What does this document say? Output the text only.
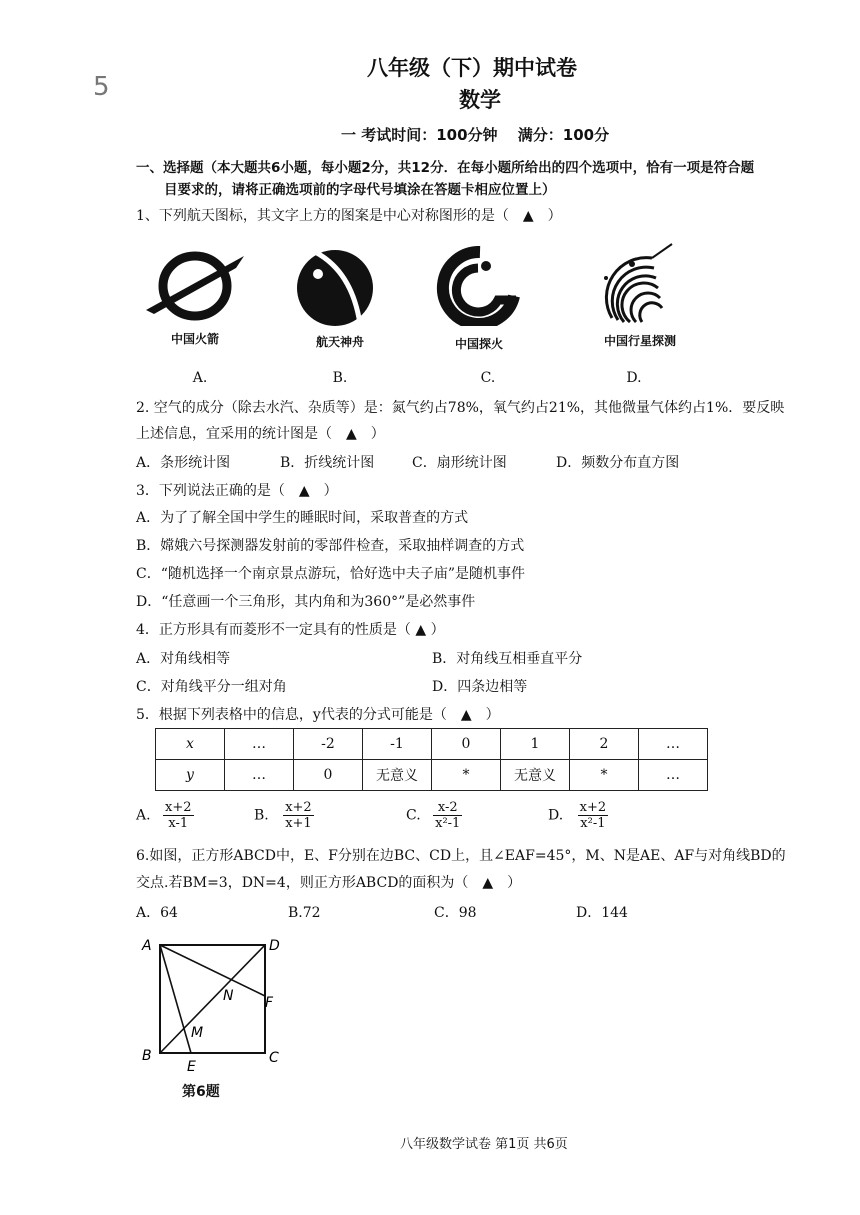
5
八年级（下）期中试卷
数学
一 考试时间：100分钟　 满分：100分
一、选择题（本大题共6小题，每小题2分，共12分．在每小题所给出的四个选项中，恰有一项是符合题
目要求的，请将正确选项前的字母代号填涂在答题卡相应位置上）
1、下列航天图标，其文字上方的图案是中心对称图形的是（　▲　）
中国火箭	航天神舟	中国探火	中国行星探测
A.	B.	C.	D.
2. 空气的成分（除去水汽、杂质等）是：氮气约占78%，氧气约占21%，其他微量气体约占1%．要反映
上述信息，宜采用的统计图是（　▲　）
A．条形统计图	B．折线统计图	C．扇形统计图	D．频数分布直方图
3．下列说法正确的是（　▲　）
A．为了了解全国中学生的睡眠时间，采取普查的方式
B．嫦娥六号探测器发射前的零部件检查，采取抽样调查的方式
C．“随机选择一个南京景点游玩，恰好选中夫子庙”是随机事件
D．“任意画一个三角形，其内角和为360°”是必然事件
4．正方形具有而菱形不一定具有的性质是（ ▲ ）
A．对角线相等	B．对角线互相垂直平分
C．对角线平分一组对角	D．四条边相等
5．根据下列表格中的信息，y代表的分式可能是（　▲　）
x	…	-2	-1	0	1	2	…
y	…	0	无意义	*	无意义	*	…
A. $\frac{x+2}{x-1}$	B. $\frac{x+2}{x+1}$	C. $\frac{x-2}{\text{x²-1}}$	D. $\frac{x+2}{\text{x²-1}}$
6.如图，正方形ABCD中，E、F分别在边BC、CD上，且∠EAF=45°，M、N是AE、AF与对角线BD的
交点.若BM=3，DN=4，则正方形ABCD的面积为（　▲　）
A．64	B.72	C．98	D．144
A	D
B	C
E
F
M
N
第6题
八年级数学试卷 第1页 共6页
